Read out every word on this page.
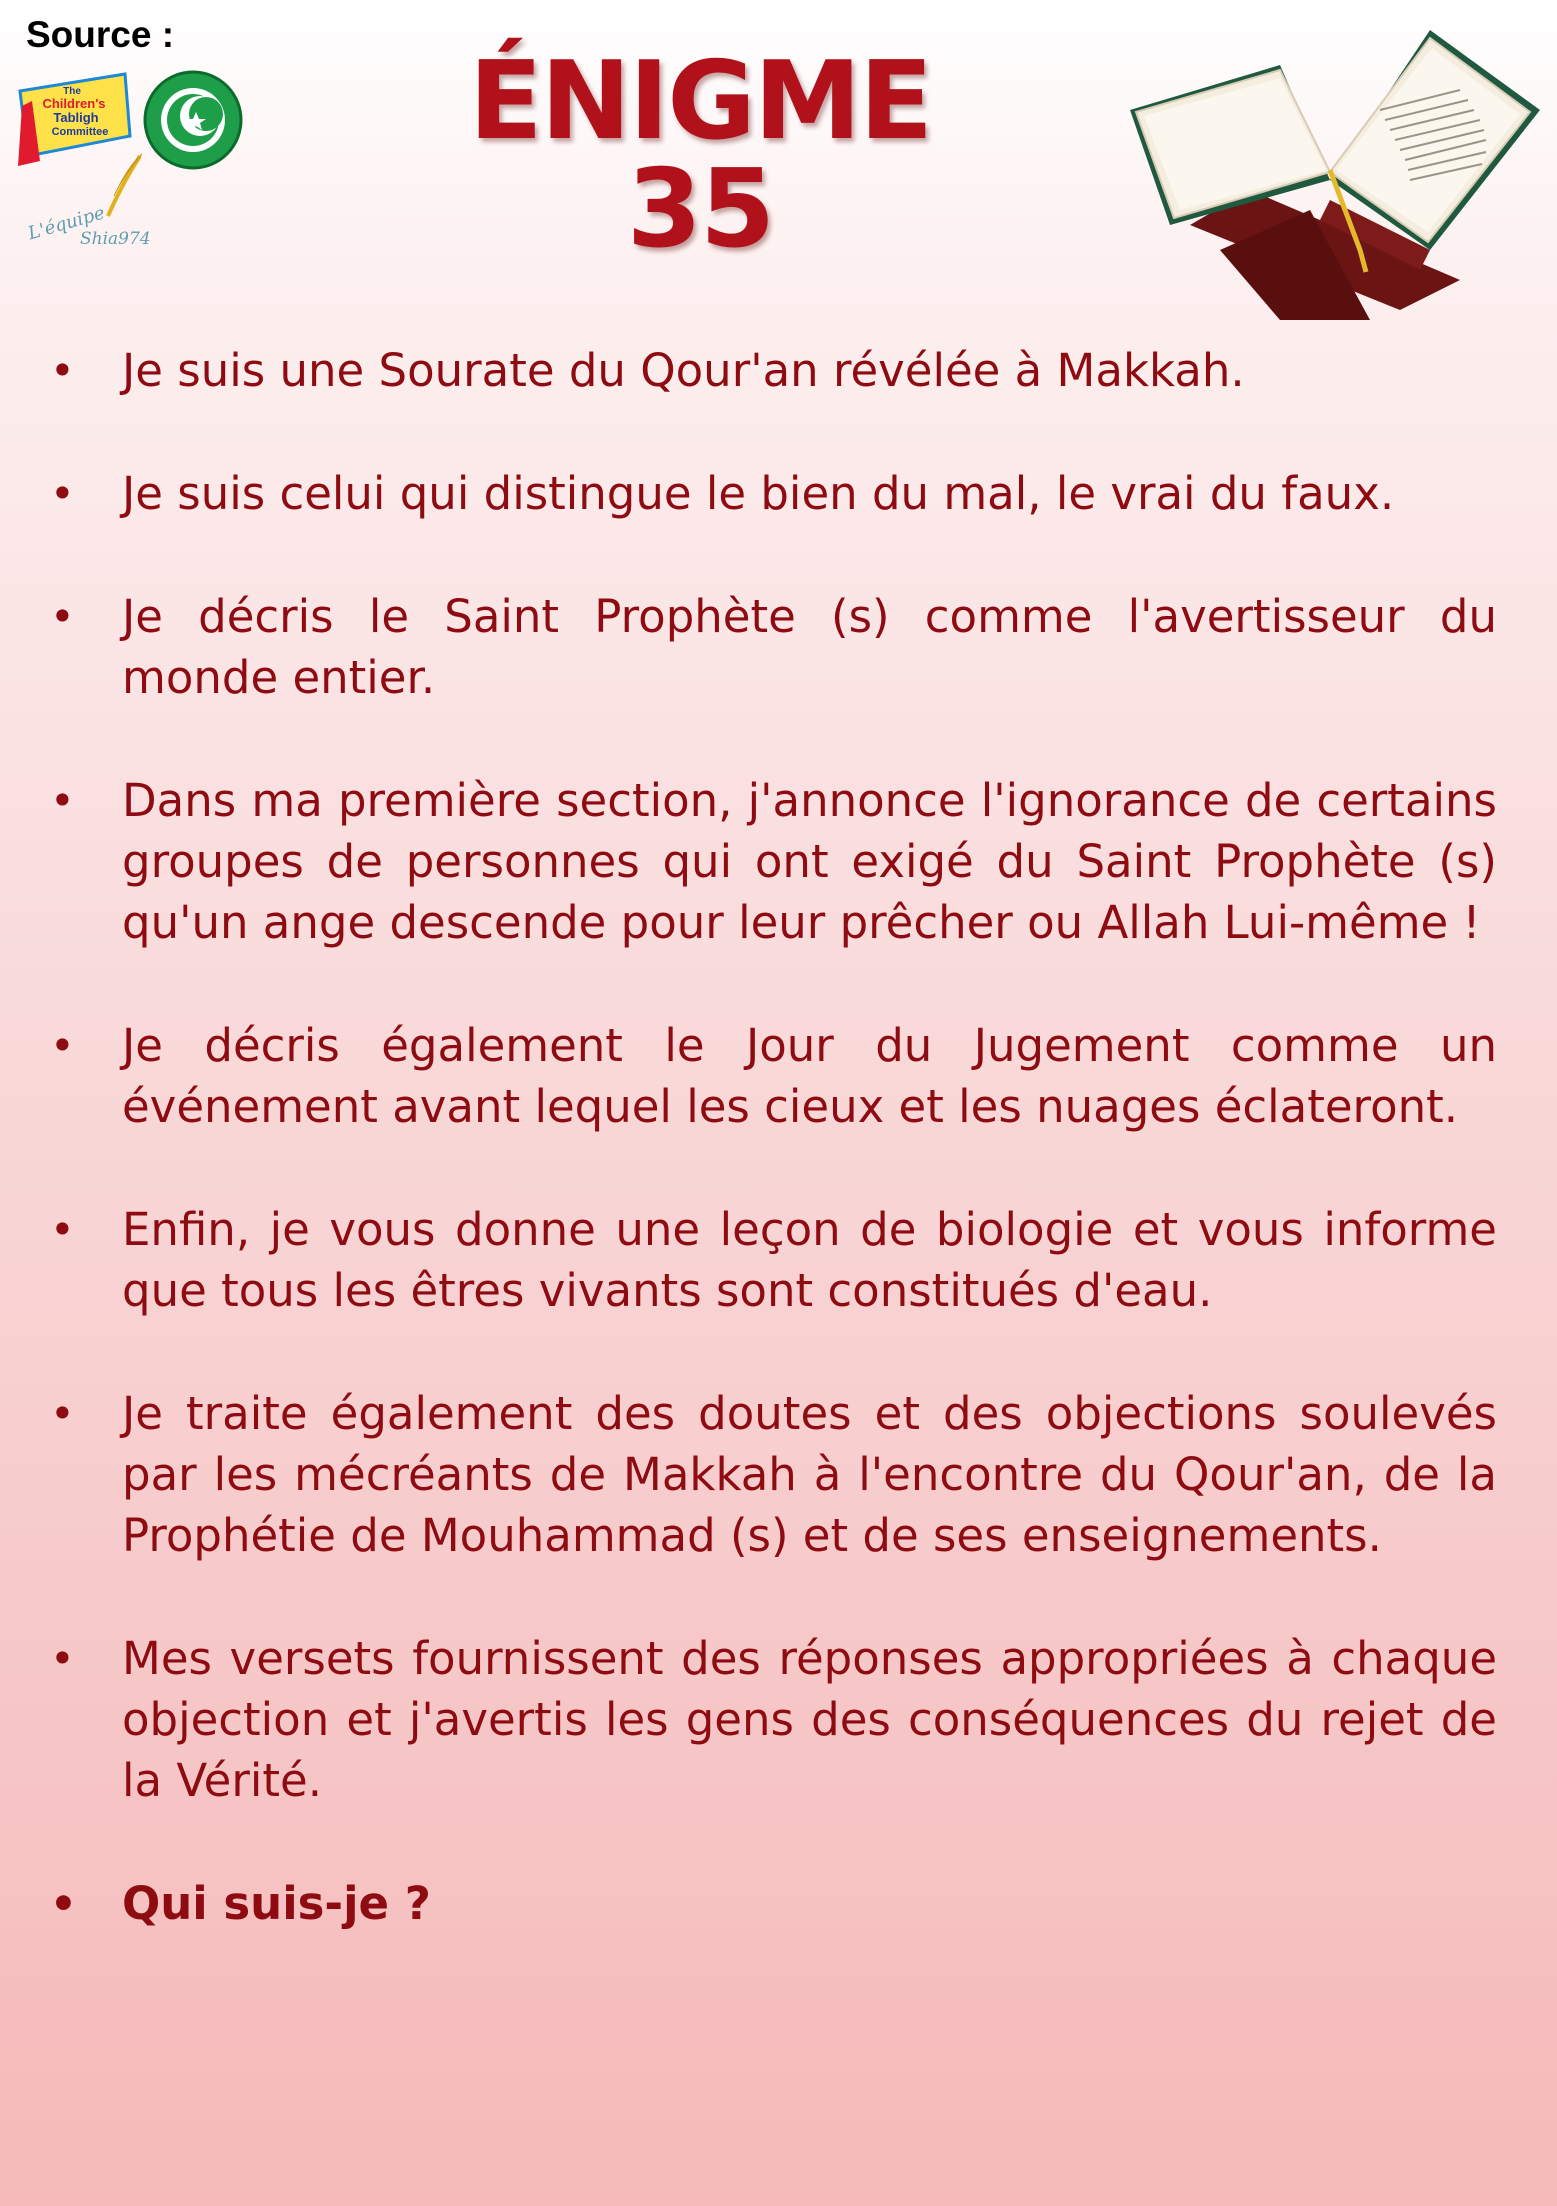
Source :
The
Children's
Tabligh
Committee
L'équipe
Shia974
ÉNIGME 35
• Je suis une Sourate du Qour'an révélée à Makkah.
• Je suis celui qui distingue le bien du mal, le vrai du faux.
• Je décris le Saint Prophète (s) comme l'avertisseur du monde entier.
• Dans ma première section, j'annonce l'ignorance de certains groupes de personnes qui ont exigé du Saint Prophète (s) qu'un ange descende pour leur prêcher ou Allah Lui-même !
• Je décris également le Jour du Jugement comme un événement avant lequel les cieux et les nuages éclateront.
• Enfin, je vous donne une leçon de biologie et vous informe que tous les êtres vivants sont constitués d'eau.
• Je traite également des doutes et des objections soulevés par les mécréants de Makkah à l'encontre du Qour'an, de la Prophétie de Mouhammad (s) et de ses enseignements.
• Mes versets fournissent des réponses appropriées à chaque objection et j'avertis les gens des conséquences du rejet de la Vérité.
• Qui suis-je ?
